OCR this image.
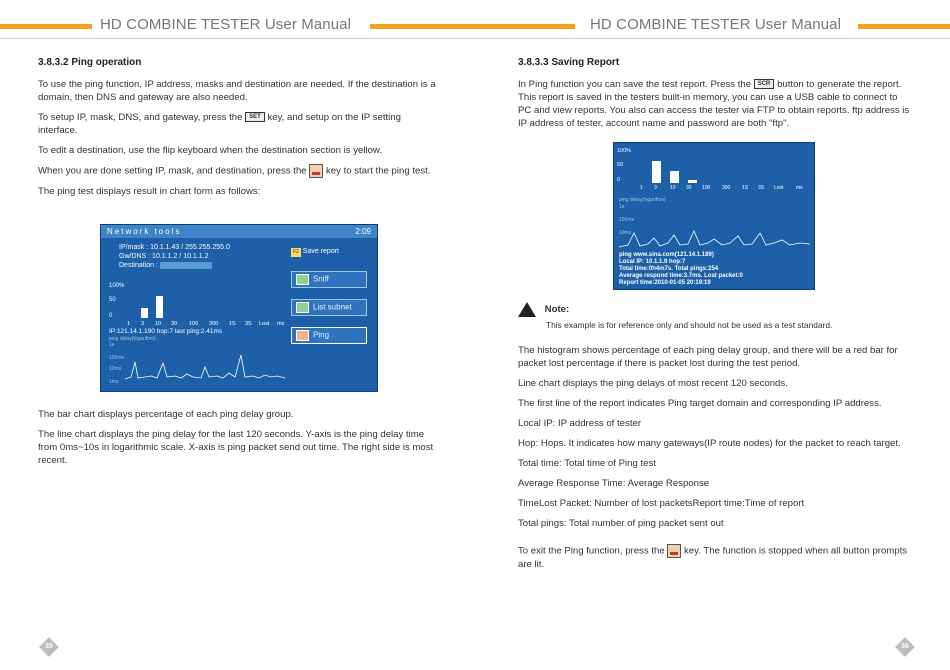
HD COMBINE TESTER User Manual	HD COMBINE TESTER User Manual

3.8.3.2 Ping operation

To use the ping function, IP address, masks and destination are needed. If the destination is a domain, then DNS and gateway are also needed.

To setup IP, mask, DNS, and gateway, press the SET key, and setup on the IP setting interface.

To edit a destination, use the flip keyboard when the destination section is yellow.

When you are done setting IP, mask, and destination, press the key to start the ping test.

The ping test displays result in chart form as follows:

Network tools	2:09
IP/mask : 10.1.1.43 / 255.255.255.0
Gw/DNS : 10.1.1.2 / 10.1.1.2
Destination :
F2 Save report
Sniff
List subnet
Ping
100%
50
0
1 3 10 30 100 300 1S 3S Lost ms
IP:121.14.1.190 hop:7 last ping:2.41ms
ping delay(logarithm)
1s
100ms
10ms
1ms

The bar chart displays percentage of each ping delay group.

The line chart displays the ping delay for the last 120 seconds. Y-axis is the ping delay time from 0ms~10s in logarithmic scale. X-axis is ping packet send out time. The right side is most recent.

35

3.8.3.3 Saving Report

In Ping function you can save the test report. Press the SCR button to generate the report. This report is saved in the testers built-in memory, you can use a USB cable to connect to PC and view reports. You also can access the tester via FTP to obtain reports. ftp address is IP address of tester, account name and password are both "ftp".

100%
50
0
1 3	10 30 100 300 1S 3S Lost	ms
ping delay(logarithm)
1s
100ms
10ms
ping www.sina.com(121.14.1.189)
Local IP: 10.1.1.9 hop:7
Total time:0h4m7s. Total pings:254
Average respond time:3.7ms. Lost packet:0
Report time:2010-01-05 20:19:19

Note:

This example is for reference only and should not be used as a test standard.

The histogram shows percentage of each ping delay group, and there will be a red bar for packet lost percentage if there is packet lost during the test period.

Line chart displays the ping delays of most recent 120 seconds.

The first line of the report indicates Ping target domain and corresponding IP address.

Local IP: IP address of tester

Hop: Hops. It indicates how many gateways(IP route nodes) for the packet to reach target.

Total time: Total time of Ping test

Average Response Time: Average Response

TimeLost Packet: Number of lost packetsReport time:Time of report

Total pings: Total number of ping packet sent out

To exit the Ping function, press the key. The function is stopped when all button prompts are lit.

36
